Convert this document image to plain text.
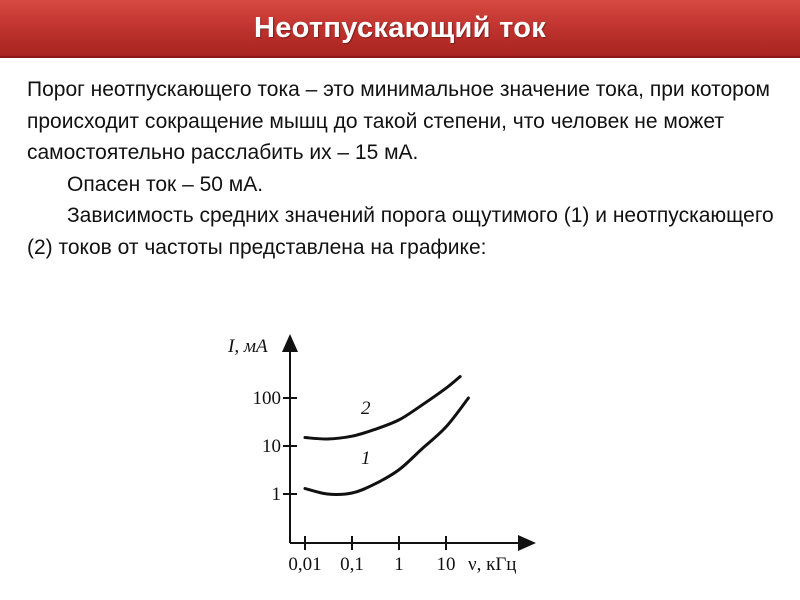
Неотпускающий ток

Порог неотпускающего тока – это минимальное значение тока, при котором происходит сокращение мышц до такой степени, что человек не может самостоятельно расслабить их – 15 мА.

Опасен ток – 50 мА.

Зависимость средних значений порога ощутимого (1) и неотпускающего (2) токов от частоты представлена на графике:

I, мА
ν, кГц
0,01 0,1 1 10
1
10
100
1
2
